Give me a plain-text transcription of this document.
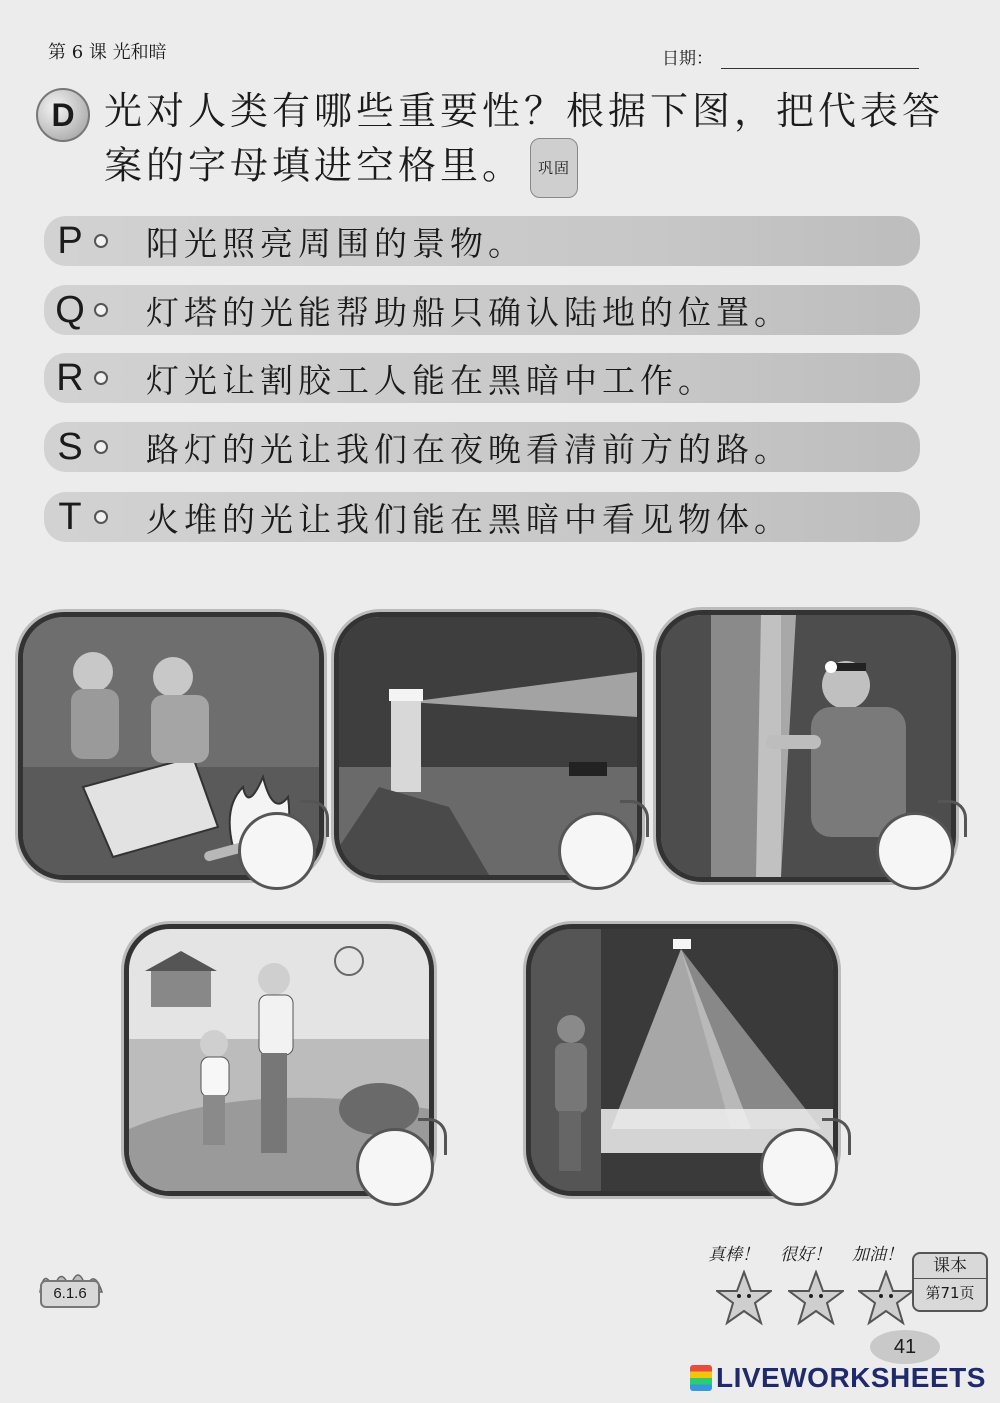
第 6 课 光和暗	日期：
D 光对人类有哪些重要性？根据下图，把代表答案的字母填进空格里。 巩固
P 阳光照亮周围的景物。
Q 灯塔的光能帮助船只确认陆地的位置。
R 灯光让割胶工人能在黑暗中工作。
S 路灯的光让我们在夜晚看清前方的路。
T 火堆的光让我们能在黑暗中看见物体。
6.1.6
真棒！ 很好！ 加油！
课本
第71页
41
LIVEWORKSHEETS
